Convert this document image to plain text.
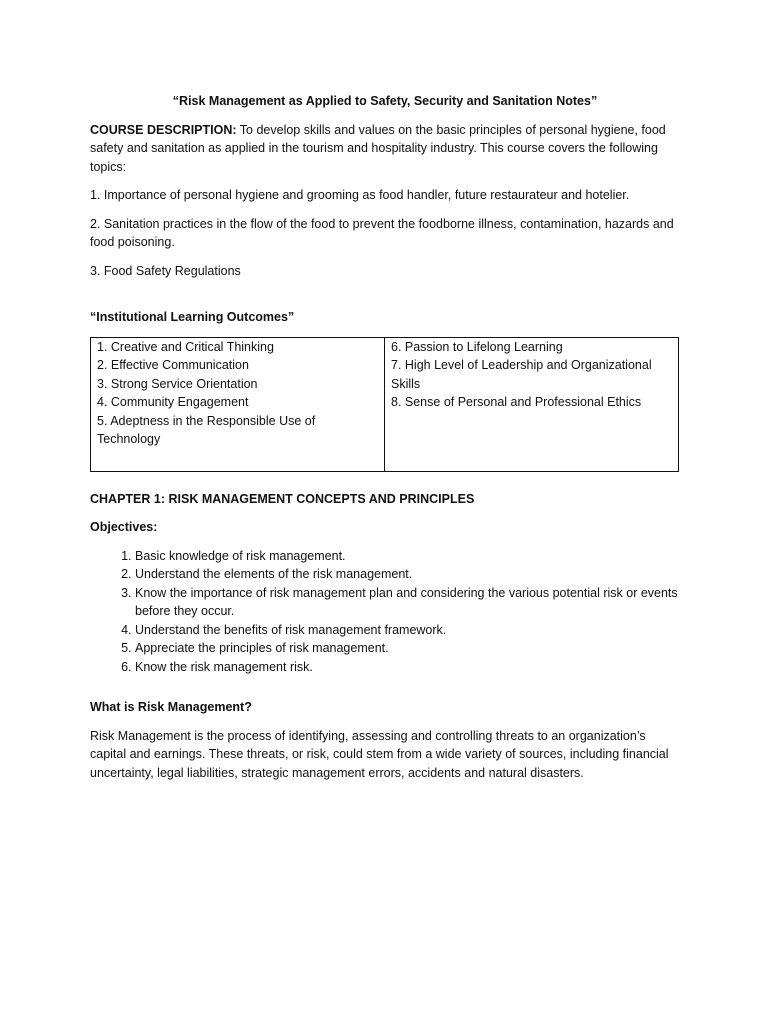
“Risk Management as Applied to Safety, Security and Sanitation Notes”

COURSE DESCRIPTION: To develop skills and values on the basic principles of personal hygiene, food safety and sanitation as applied in the tourism and hospitality industry. This course covers the following topics:

1. Importance of personal hygiene and grooming as food handler, future restaurateur and hotelier.
2. Sanitation practices in the flow of the food to prevent the foodborne illness, contamination, hazards and food poisoning.
3. Food Safety Regulations
“Institutional Learning Outcomes”
1. Creative and Critical Thinking
2. Effective Communication
3. Strong Service Orientation
4. Community Engagement
5. Adeptness in the Responsible Use of Technology

6. Passion to Lifelong Learning
7. High Level of Leadership and Organizational Skills
8. Sense of Personal and Professional Ethics
CHAPTER 1: RISK MANAGEMENT CONCEPTS AND PRINCIPLES
Objectives:
1. Basic knowledge of risk management.
2. Understand the elements of the risk management.
3. Know the importance of risk management plan and considering the various potential risk or events before they occur.
4. Understand the benefits of risk management framework.
5. Appreciate the principles of risk management.
6. Know the risk management risk.
What is Risk Management?

Risk Management is the process of identifying, assessing and controlling threats to an organization’s capital and earnings. These threats, or risk, could stem from a wide variety of sources, including financial uncertainty, legal liabilities, strategic management errors, accidents and natural disasters.
